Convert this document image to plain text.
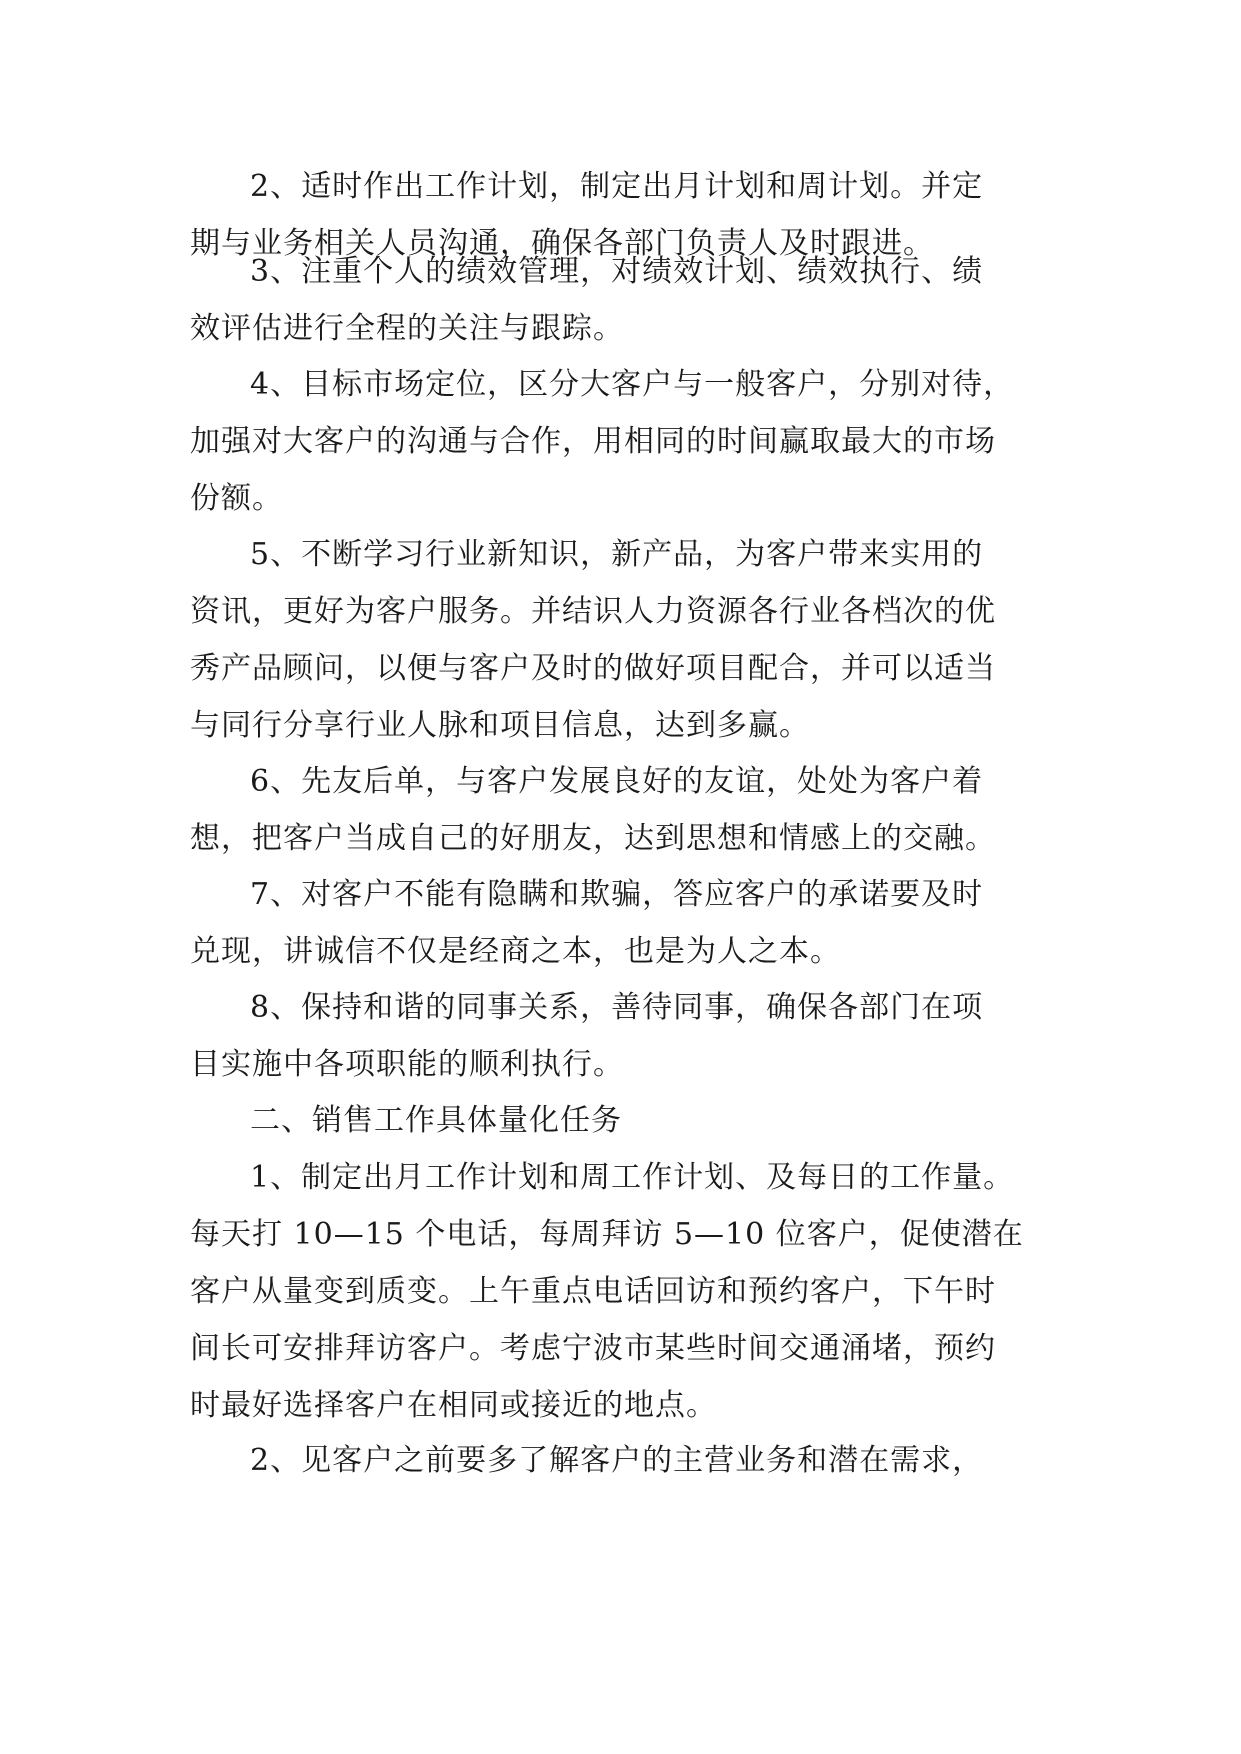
2、适时作出工作计划，制定出月计划和周计划。并定
期与业务相关人员沟通，确保各部门负责人及时跟进。

3、注重个人的绩效管理，对绩效计划、绩效执行、绩
效评估进行全程的关注与跟踪。

4、目标市场定位，区分大客户与一般客户，分别对待，
加强对大客户的沟通与合作，用相同的时间赢取最大的市场
份额。

5、不断学习行业新知识，新产品，为客户带来实用的
资讯，更好为客户服务。并结识人力资源各行业各档次的优
秀产品顾问，以便与客户及时的做好项目配合，并可以适当
与同行分享行业人脉和项目信息，达到多赢。

6、先友后单，与客户发展良好的友谊，处处为客户着
想，把客户当成自己的好朋友，达到思想和情感上的交融。

7、对客户不能有隐瞒和欺骗，答应客户的承诺要及时
兑现，讲诚信不仅是经商之本，也是为人之本。

8、保持和谐的同事关系，善待同事，确保各部门在项
目实施中各项职能的顺利执行。

二、销售工作具体量化任务

1、制定出月工作计划和周工作计划、及每日的工作量。
每天打 10—15 个电话，每周拜访 5—10 位客户，促使潜在
客户从量变到质变。上午重点电话回访和预约客户，下午时
间长可安排拜访客户。考虑宁波市某些时间交通涌堵，预约
时最好选择客户在相同或接近的地点。

2、见客户之前要多了解客户的主营业务和潜在需求，
